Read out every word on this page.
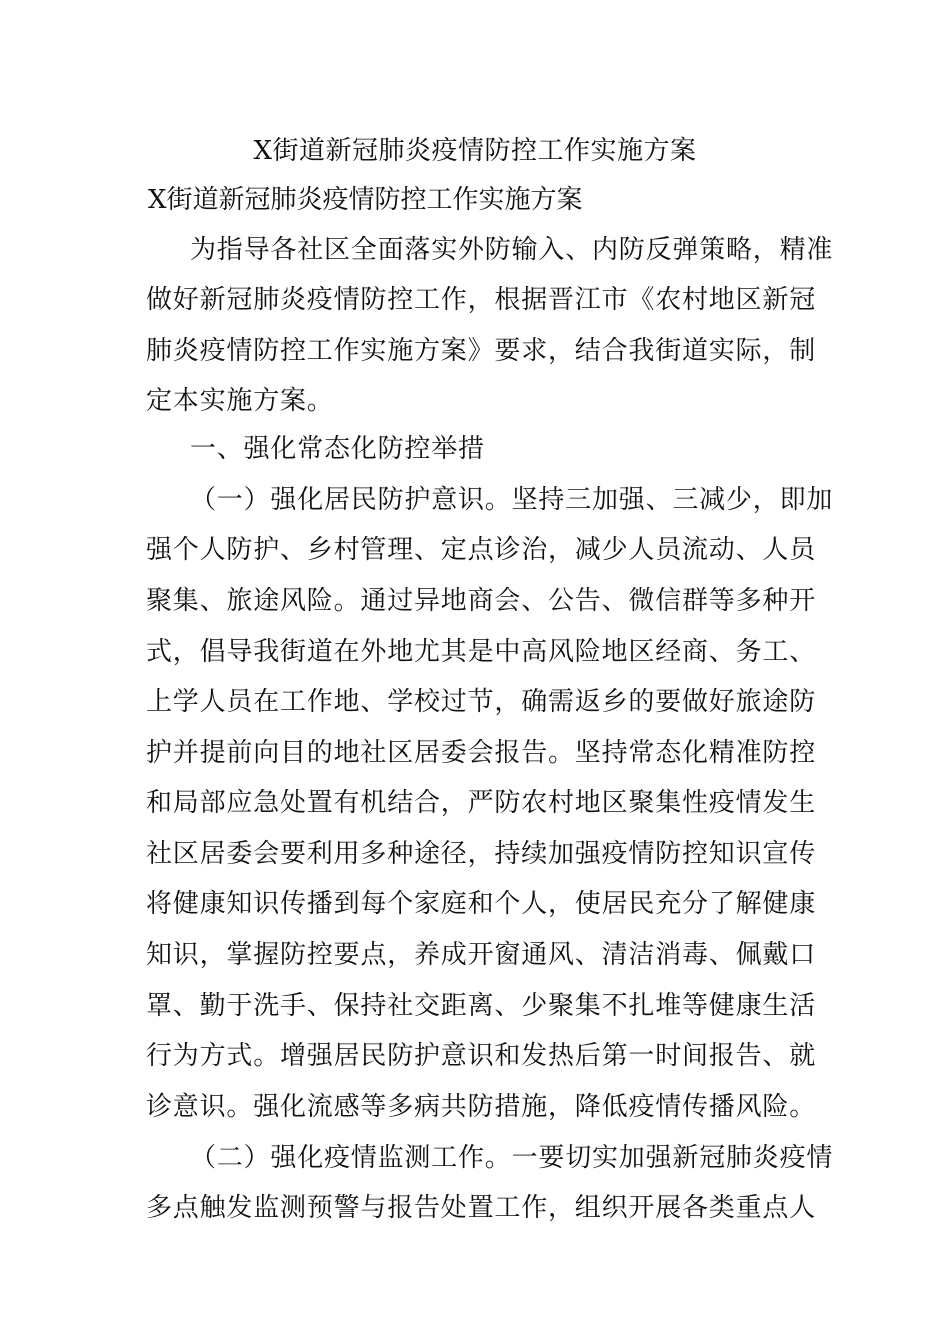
X街道新冠肺炎疫情防控工作实施方案
X街道新冠肺炎疫情防控工作实施方案

为指导各社区全面落实外防输入、内防反弹策略，精准

做好新冠肺炎疫情防控工作，根据晋江市《农村地区新冠

肺炎疫情防控工作实施方案》要求，结合我街道实际，制

定本实施方案。

一、强化常态化防控举措

（一）强化居民防护意识。坚持三加强、三减少，即加

强个人防护、乡村管理、定点诊治，减少人员流动、人员

聚集、旅途风险。通过异地商会、公告、微信群等多种开

式，倡导我街道在外地尤其是中高风险地区经商、务工、

上学人员在工作地、学校过节，确需返乡的要做好旅途防

护并提前向目的地社区居委会报告。坚持常态化精准防控

和局部应急处置有机结合，严防农村地区聚集性疫情发生

社区居委会要利用多种途径，持续加强疫情防控知识宣传

将健康知识传播到每个家庭和个人，使居民充分了解健康

知识，掌握防控要点，养成开窗通风、清洁消毒、佩戴口

罩、勤于洗手、保持社交距离、少聚集不扎堆等健康生活

行为方式。增强居民防护意识和发热后第一时间报告、就

诊意识。强化流感等多病共防措施，降低疫情传播风险。

（二）强化疫情监测工作。一要切实加强新冠肺炎疫情

多点触发监测预警与报告处置工作，组织开展各类重点人
